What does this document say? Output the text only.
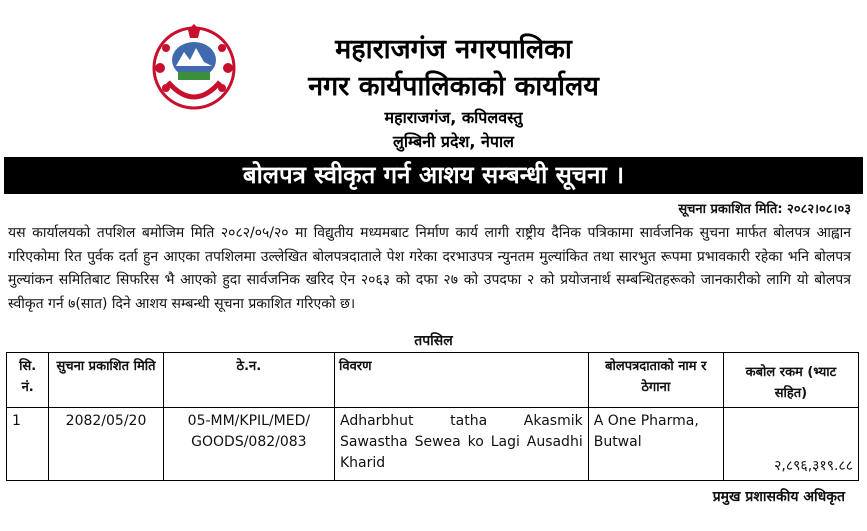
महाराजगंज नगरपालिका
नगर कार्यपालिकाको कार्यालय
महाराजगंज, कपिलवस्तु
लुम्बिनी प्रदेश, नेपाल
बोलपत्र स्वीकृत गर्न आशय सम्बन्धी सूचना ।
सूचना प्रकाशित मिति: २०८२।०८।०३
यस कार्यालयको तपशिल बमोजिम मिति २०८२/०५/२० मा विद्युतीय मध्यमबाट निर्माण कार्य लागी राष्ट्रीय दैनिक पत्रिकामा सार्वजनिक सुचना मार्फत बोलपत्र आह्वान गरिएकोमा रित पुर्वक दर्ता हुन आएका तपशिलमा उल्लेखित बोलपत्रदाताले पेश गरेका दरभाउपत्र न्युनतम मुल्यांकित तथा सारभुत रूपमा प्रभावकारी रहेका भनि बोलपत्र मुल्यांकन समितिबाट सिफरिस भै आएको हुदा सार्वजनिक खरिद ऐन २०६३ को दफा २७ को उपदफा २ को प्रयोजनार्थ सम्बन्धितहरूको जानकारीको लागि यो बोलपत्र स्वीकृत गर्न ७(सात) दिने आशय सम्बन्धी सूचना प्रकाशित गरिएको छ।
तपसिल
सि. नं.	सुचना प्रकाशित मिति	ठे.न.	विवरण	बोलपत्रदाताको नाम र ठेगाना	कबोल रकम (भ्याट सहित)
1	2082/05/20	05-MM/KPIL/MED/ GOODS/082/083	Adharbhut tatha Akasmik Sawastha Sewea ko Lagi Ausadhi Kharid	A One Pharma, Butwal	२,८९६,३१९.८८
प्रमुख प्रशासकीय अधिकृत
